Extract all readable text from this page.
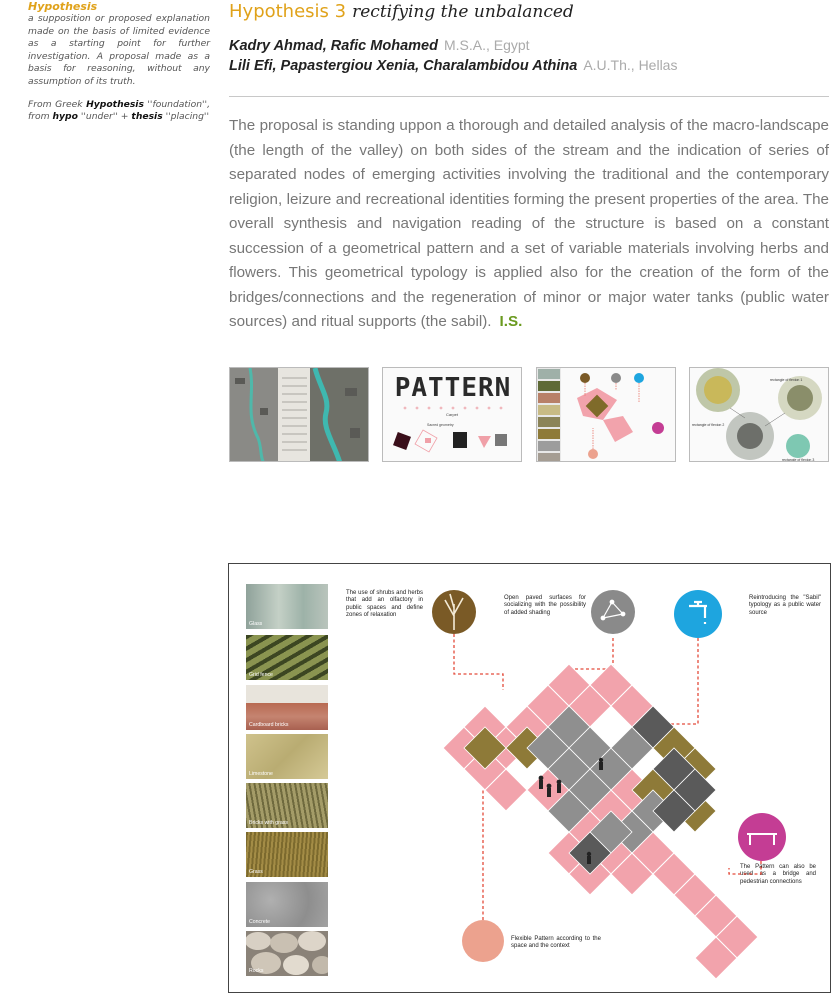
Hypothesis
a supposition or proposed explanation made on the basis of limited evidence as a starting point for further investigation. A proposal made as a basis for reasoning, without any assumption of its truth.
From Greek Hypothesis ''foundation'', from hypo ''under'' + thesis ''placing''
Hypothesis 3 rectifying the unbalanced
Kadry Ahmad, Rafic Mohamed M.S.A., Egypt
Lili Efi, Papastergiou Xenia, Charalambidou Athina A.U.Th., Hellas
The proposal is standing uppon a thorough and detailed analysis of the macro-landscape (the length of the valley) on both sides of the stream and the indication of series of separated nodes of emerging activities involving the traditional and the contemporary religion, leizure and recreational identities forming the present properties of the area. The overall synthesis and navigation reading of the structure is based on a constant succession of a geometrical pattern and a set of variable materials involving herbs and flowers. This geometrical typology is applied also for the creation of the form of the bridges/connections and the regeneration of minor or major water tanks (public water sources) and ritual supports (the sabil). I.S.
PATTERN
Carpet
Sacred geometry
rectangle of flexion 1
rectangle of flexion 2
rectangle of flexion 3
Glass
Grid fence
Cardboard bricks
Limestone
Bricks with grass
Grass
Concrete
Rocks
The use of shrubs and herbs that add an olfactory in public spaces and define zones of relaxation
Open paved surfaces for socializing with the possibility of added shading
Reintroducing the "Sabil" typology as a public water source
The Pattern can also be used as a bridge and pedestrian connections
Flexible Pattern according to the space and the context
